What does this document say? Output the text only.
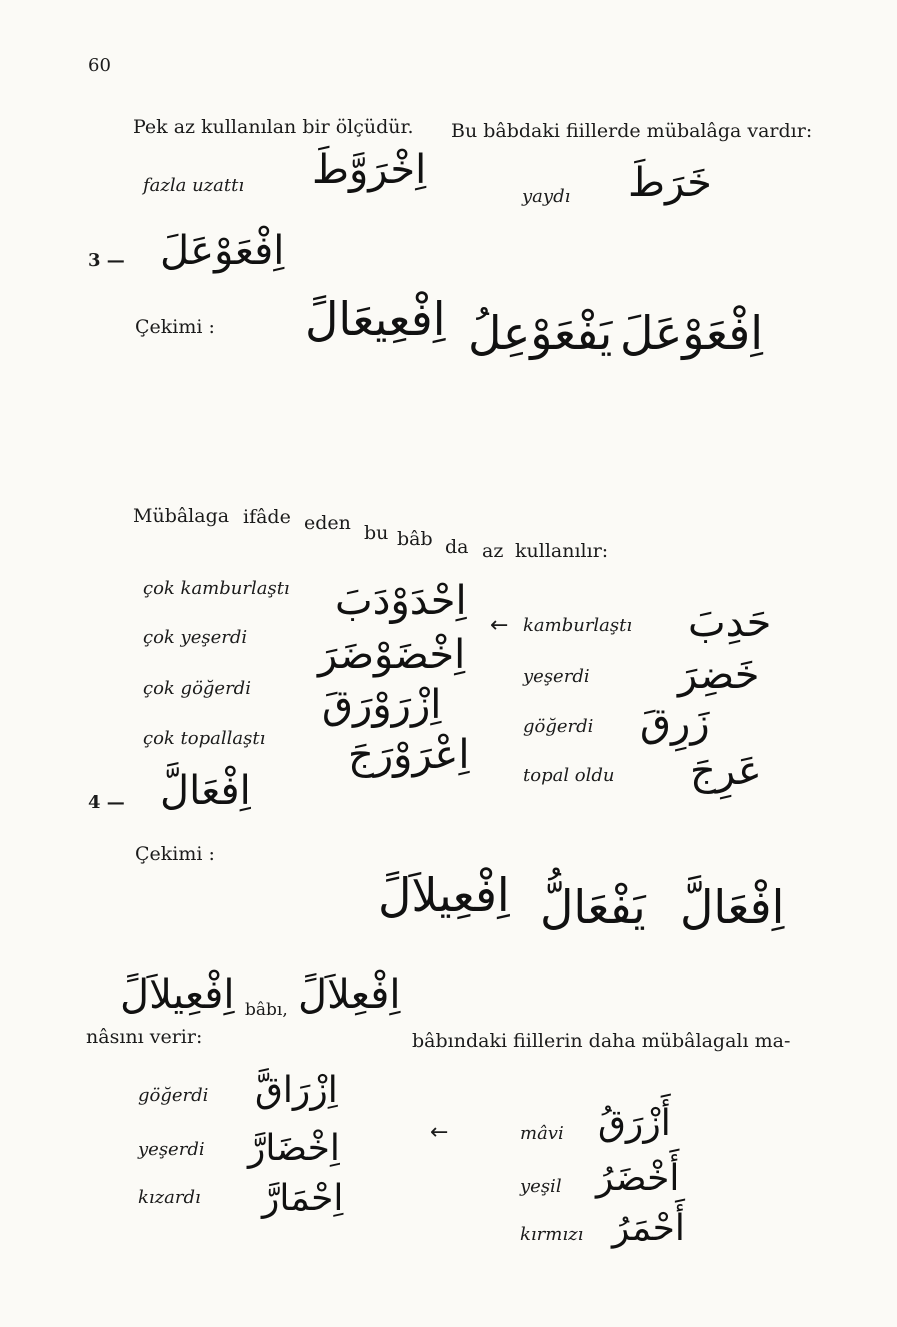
60
Pek az kullanılan bir ölçüdür. Bu bâbdaki fiillerde mübalâga vardır:
fazla uzattı اِخْرَوَّطَ
yaydı خَرَطَ
3 — اِفْعَوْعَلَ
Çekimi :	اِفْعَوْعَلَ
يَفْعَوْعِلُ
اِفْعِيعَالً
Mübâlaga ifâde eden bu bâb da az kullanılır:
çok kamburlaştı
çok yeşerdi
çok göğerdi
çok topallaştı
اِحْدَوْدَبَ
اِخْضَوْضَرَ
اِزْرَوْرَقَ
اِعْرَوْرَجَ
← kamburlaştı
yeşerdi
göğerdi
topal oldu
حَدِبَ
خَضِرَ
زَرِقَ
عَرِجَ
4 — اِفْعَالَّ
Çekimi :
اِفْعَالَّ
يَفْعَالُّ
اِفْعِيلاَلً
اِفْعِيلاَلً bâbı, اِفْعِلاَلً
bâbındaki fiillerin daha mübâlagalı ma-
nâsını verir:
göğerdi
yeşerdi
kızardı
اِزْرَاقَّ
اِخْضَارَّ
اِحْمَارَّ
←	mâvi
yeşil
kırmızı
أَزْرَقُ
أَخْضَرُ
أَحْمَرُ
